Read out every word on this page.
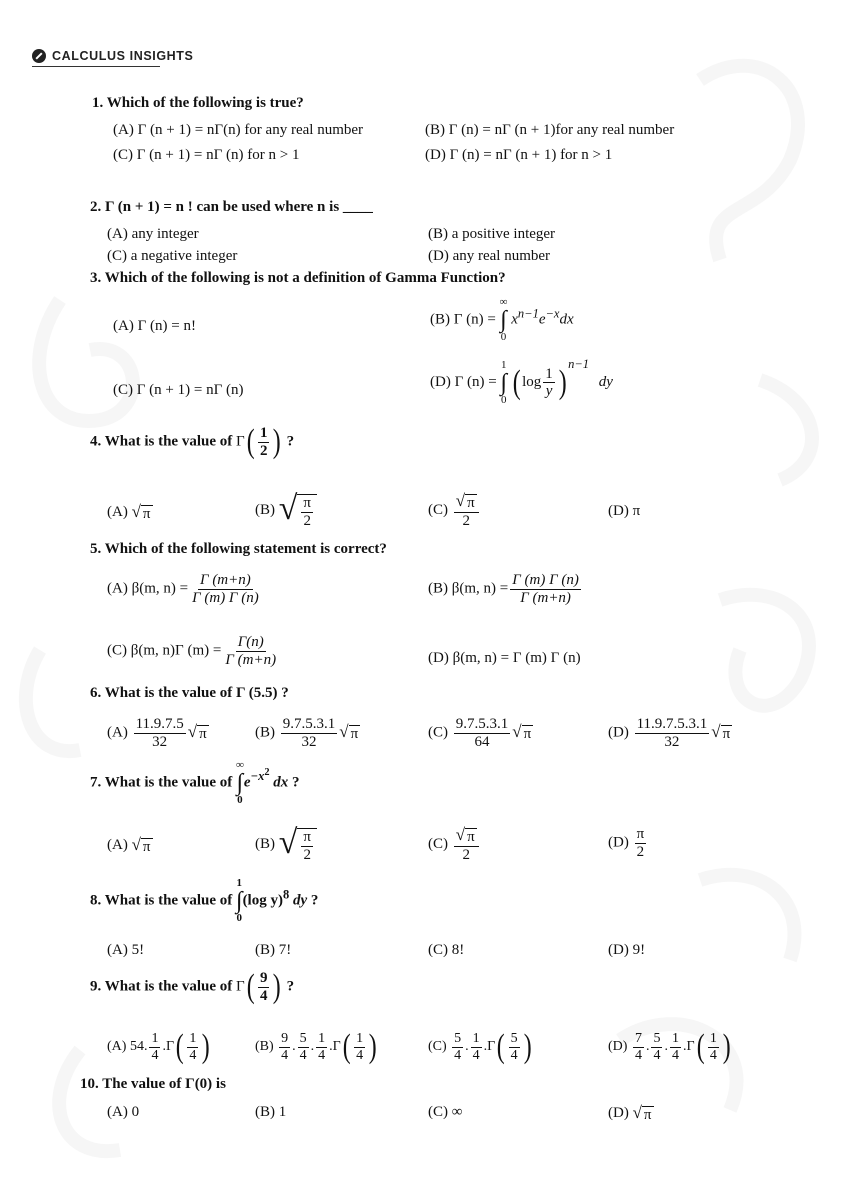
CALCULUS INSIGHTS
1. Which of the following is true?
(A) Γ (n + 1) = nΓ(n) for any real number	(B) Γ (n) = nΓ (n + 1)for any real number
(C) Γ (n + 1) = nΓ (n) for n > 1	(D) Γ (n) = nΓ (n + 1) for n > 1
2. Γ (n + 1) = n ! can be used where n is ____
(A) any integer	(B) a positive integer
(C) a negative integer	(D) any real number
3. Which of the following is not a definition of Gamma Function?
(A) Γ (n) = n!	(B) Γ (n) =
∞
∫
0
$x^{n-1}e^{-x}dx$
(C) Γ (n + 1) = nΓ (n)	(D) Γ (n) =
1
∫
0
( $\log \frac{1}{y}$ ) $^{n-1}$ dy
4. What is the value of Γ ( $\frac{1}{2}$ ) ?
(A) √ π	(B) √ $\frac{\pi}{2}$	$(C) \frac{√ \pi}{2}$	(D) π
5. Which of the following statement is correct?
(A) β(m, $n) = \frac{\Gamma (m+n)}{\Gamma (m) \Gamma (n)}$	(B) β(m, $n) = \frac{\Gamma (m) \Gamma (n)}{\Gamma (m+n)}$
(C) β(m, n)Γ $(m) = \frac{\Gamma(n)}{\Gamma (m+n)}$	(D) β(m, n) = Γ (m) Γ (n)
6. What is the value of Γ (5.5) ?
$(A) \frac{11.9.7.5}{32}$ √ π	$(B) \frac{9.7.5.3.1}{32}$ √ π	$(C) \frac{9.7.5.3.1}{64}$ √ π	$(D) \frac{11.9.7.5.3.1}{32}$ √ π
7. What is the value of
∞
∫
0
$e^{-x^2}$ dx ?
(A) √ π	(B) √ $\frac{\pi}{2}$	$(C) \frac{√ \pi}{2}$	$(D) \frac{\pi}{2}$
8. What is the value of
1
∫
0
(log y)$^8$ dy ?
(A) 5!	(B) 7!	(C) 8!	(D) 9!
9. What is the value of Γ ( $\frac{9}{4}$ ) ?
(A) 54. $\frac{1}{4} .\Gamma$ ( $\frac{1}{4}$ )	$(B) \frac{9}{4}$ . $\frac{5}{4}$ . $\frac{1}{4} .\Gamma$ ( $\frac{1}{4}$ )	$(C) \frac{5}{4}$ . $\frac{1}{4} .\Gamma$ ( $\frac{5}{4}$ )	$(D) \frac{7}{4}$ . $\frac{5}{4}$ . $\frac{1}{4} .\Gamma$ ( $\frac{1}{4}$ )
10. The value of Γ(0) is
(A) 0	(B) 1	(C) ∞	(D) √ π
